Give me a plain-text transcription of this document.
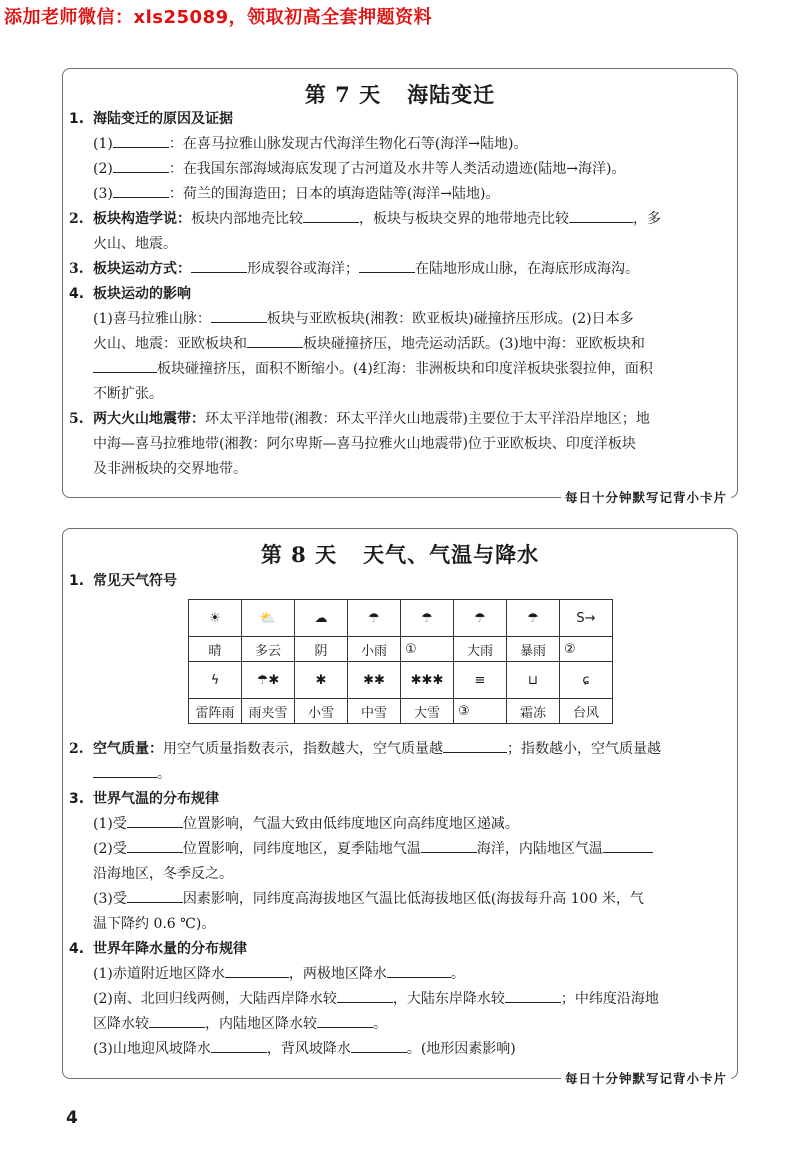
添加老师微信：xls25089，领取初高全套押题资料
第 7 天 海陆变迁

1. 海陆变迁的原因及证据

(1)	：在喜马拉雅山脉发现古代海洋生物化石等(海洋→陆地)。

(2)	：在我国东部海域海底发现了古河道及水井等人类活动遗迹(陆地→海洋)。

(3)	：荷兰的围海造田；日本的填海造陆等(海洋→陆地)。

2. 板块构造学说：板块内部地壳比较	，板块与板块交界的地带地壳比较	，多

火山、地震。

3. 板块运动方式：	形成裂谷或海洋；	在陆地形成山脉，在海底形成海沟。

4. 板块运动的影响

(1)喜马拉雅山脉：	板块与亚欧板块(湘教：欧亚板块)碰撞挤压形成。(2)日本多

火山、地震：亚欧板块和	板块碰撞挤压，地壳运动活跃。(3)地中海：亚欧板块和

板块碰撞挤压，面积不断缩小。(4)红海：非洲板块和印度洋板块张裂拉伸，面积

不断扩张。

5. 两大火山地震带：环太平洋地带(湘教：环太平洋火山地震带)主要位于太平洋沿岸地区；地

中海—喜马拉雅地带(湘教：阿尔卑斯—喜马拉雅火山地震带)位于亚欧板块、印度洋板块

及非洲板块的交界地带。

每日十分钟默写记背小卡片
第 8 天 天气、气温与降水

1. 常见天气符号

☀	⛅	☁	☂	☂	☂	☂	S→
晴	多云	阴	小雨	①	大雨	暴雨	②
ϟ	☂✱	✱	✱✱	✱✱✱	≡	⊔	ɕ
雷阵雨	雨夹雪	小雪	中雪	大雪	③	霜冻	台风

2. 空气质量：用空气质量指数表示，指数越大，空气质量越	；指数越小，空气质量越

。

3. 世界气温的分布规律

(1)受	位置影响，气温大致由低纬度地区向高纬度地区递减。

(2)受	位置影响，同纬度地区，夏季陆地气温	海洋，内陆地区气温

沿海地区，冬季反之。

(3)受	因素影响，同纬度高海拔地区气温比低海拔地区低(海拔每升高 100 米，气

温下降约 0.6 ℃)。

4. 世界年降水量的分布规律

(1)赤道附近地区降水	，两极地区降水	。

(2)南、北回归线两侧，大陆西岸降水较	，大陆东岸降水较	；中纬度沿海地

区降水较	，内陆地区降水较	。

(3)山地迎风坡降水	，背风坡降水	。(地形因素影响)

每日十分钟默写记背小卡片
4
